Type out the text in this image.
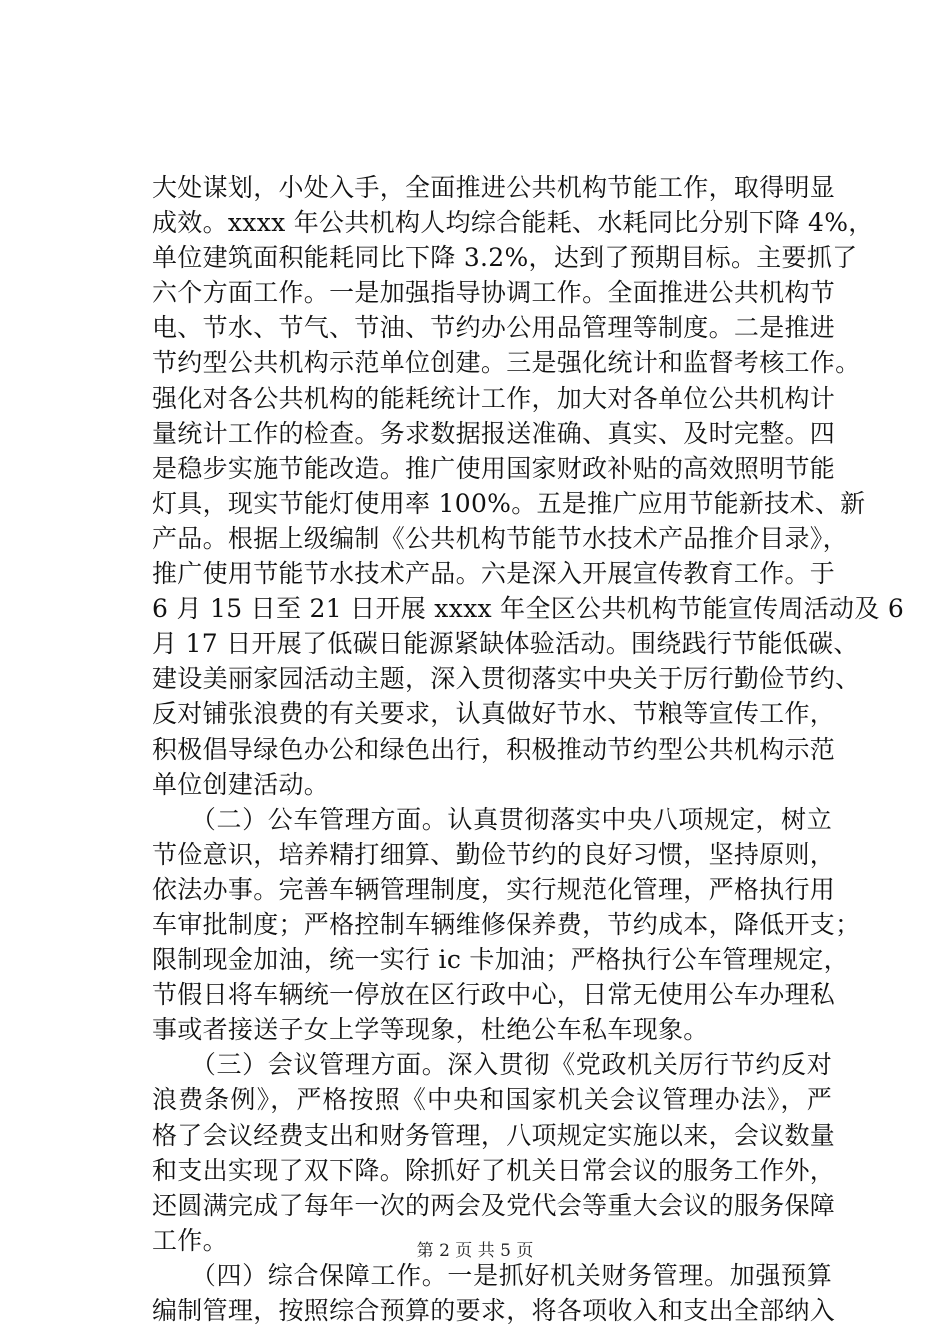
大处谋划，小处入手，全面推进公共机构节能工作，取得明显
成效。xxxx 年公共机构人均综合能耗、水耗同比分别下降 4%，
单位建筑面积能耗同比下降 3.2%，达到了预期目标。主要抓了
六个方面工作。一是加强指导协调工作。全面推进公共机构节
电、节水、节气、节油、节约办公用品管理等制度。二是推进
节约型公共机构示范单位创建。三是强化统计和监督考核工作。
强化对各公共机构的能耗统计工作，加大对各单位公共机构计
量统计工作的检查。务求数据报送准确、真实、及时完整。四
是稳步实施节能改造。推广使用国家财政补贴的高效照明节能
灯具，现实节能灯使用率 100%。五是推广应用节能新技术、新
产品。根据上级编制《公共机构节能节水技术产品推介目录》，
推广使用节能节水技术产品。六是深入开展宣传教育工作。于
6 月 15 日至 21 日开展 xxxx 年全区公共机构节能宣传周活动及 6
月 17 日开展了低碳日能源紧缺体验活动。围绕践行节能低碳、
建设美丽家园活动主题，深入贯彻落实中央关于厉行勤俭节约、
反对铺张浪费的有关要求，认真做好节水、节粮等宣传工作，
积极倡导绿色办公和绿色出行，积极推动节约型公共机构示范
单位创建活动。
　　（二）公车管理方面。认真贯彻落实中央八项规定，树立
节俭意识，培养精打细算、勤俭节约的良好习惯，坚持原则，
依法办事。完善车辆管理制度，实行规范化管理，严格执行用
车审批制度；严格控制车辆维修保养费，节约成本，降低开支；
限制现金加油，统一实行 ic 卡加油；严格执行公车管理规定，
节假日将车辆统一停放在区行政中心，日常无使用公车办理私
事或者接送子女上学等现象，杜绝公车私车现象。
　　（三）会议管理方面。深入贯彻《党政机关厉行节约反对
浪费条例》，严格按照《中央和国家机关会议管理办法》，严
格了会议经费支出和财务管理，八项规定实施以来，会议数量
和支出实现了双下降。除抓好了机关日常会议的服务工作外，
还圆满完成了每年一次的两会及党代会等重大会议的服务保障
工作。
　　（四）综合保障工作。一是抓好机关财务管理。加强预算
编制管理，按照综合预算的要求，将各项收入和支出全部纳入
第 2 页 共 5 页
